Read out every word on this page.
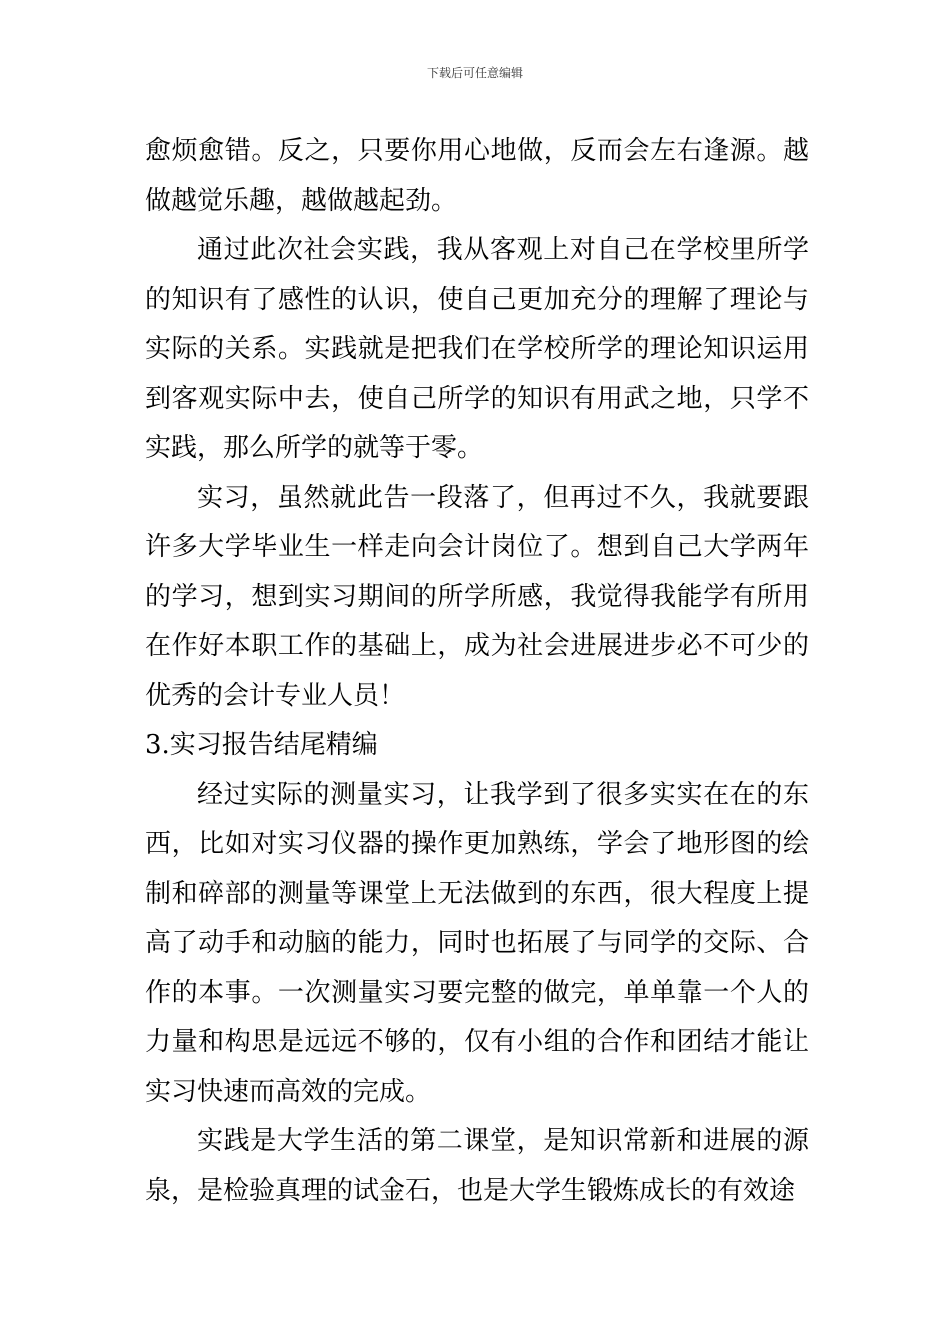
下载后可任意编辑

愈烦愈错。反之，只要你用心地做，反而会左右逢源。越做越觉乐趣，越做越起劲。

通过此次社会实践，我从客观上对自己在学校里所学的知识有了感性的认识，使自己更加充分的理解了理论与实际的关系。实践就是把我们在学校所学的理论知识运用到客观实际中去，使自己所学的知识有用武之地，只学不实践，那么所学的就等于零。

实习，虽然就此告一段落了，但再过不久，我就要跟许多大学毕业生一样走向会计岗位了。想到自己大学两年的学习，想到实习期间的所学所感，我觉得我能学有所用在作好本职工作的基础上，成为社会进展进步必不可少的优秀的会计专业人员！

3.实习报告结尾精编

经过实际的测量实习，让我学到了很多实实在在的东西，比如对实习仪器的操作更加熟练，学会了地形图的绘制和碎部的测量等课堂上无法做到的东西，很大程度上提高了动手和动脑的能力，同时也拓展了与同学的交际、合作的本事。一次测量实习要完整的做完，单单靠一个人的力量和构思是远远不够的，仅有小组的合作和团结才能让实习快速而高效的完成。

实践是大学生活的第二课堂，是知识常新和进展的源泉，是检验真理的试金石，也是大学生锻炼成长的有效途
